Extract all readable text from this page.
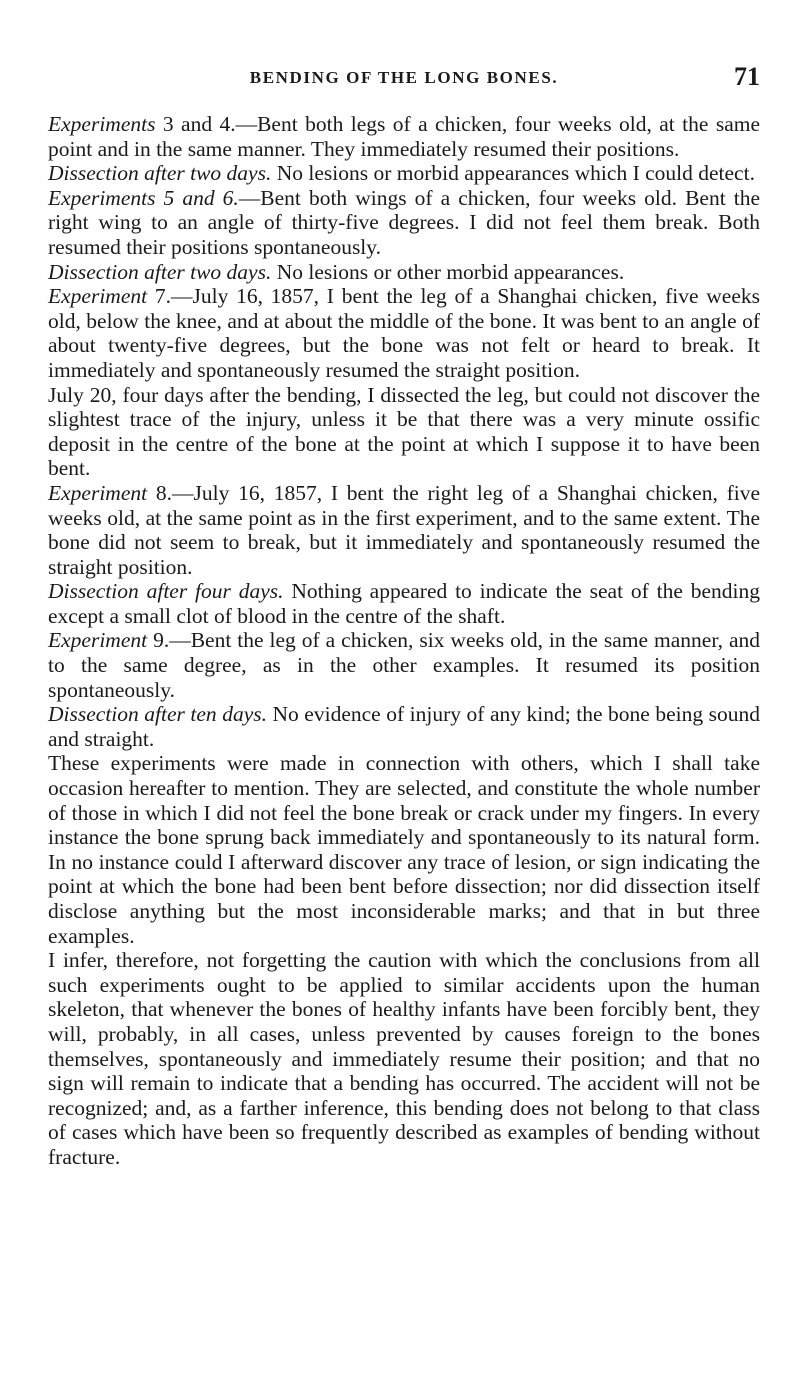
BENDING OF THE LONG BONES.	71

Experiments 3 and 4.—Bent both legs of a chicken, four weeks old, at the same point and in the same manner. They immediately resumed their positions.

Dissection after two days. No lesions or morbid appearances which I could detect.

Experiments 5 and 6.—Bent both wings of a chicken, four weeks old. Bent the right wing to an angle of thirty-five degrees. I did not feel them break. Both resumed their positions spontaneously.

Dissection after two days. No lesions or other morbid appearances.

Experiment 7.—July 16, 1857, I bent the leg of a Shanghai chicken, five weeks old, below the knee, and at about the middle of the bone. It was bent to an angle of about twenty-five degrees, but the bone was not felt or heard to break. It immediately and spontaneously resumed the straight position.

July 20, four days after the bending, I dissected the leg, but could not discover the slightest trace of the injury, unless it be that there was a very minute ossific deposit in the centre of the bone at the point at which I suppose it to have been bent.

Experiment 8.—July 16, 1857, I bent the right leg of a Shanghai chicken, five weeks old, at the same point as in the first experiment, and to the same extent. The bone did not seem to break, but it immediately and spontaneously resumed the straight position.

Dissection after four days. Nothing appeared to indicate the seat of the bending except a small clot of blood in the centre of the shaft.

Experiment 9.—Bent the leg of a chicken, six weeks old, in the same manner, and to the same degree, as in the other examples. It resumed its position spontaneously.

Dissection after ten days. No evidence of injury of any kind; the bone being sound and straight.

These experiments were made in connection with others, which I shall take occasion hereafter to mention. They are selected, and constitute the whole number of those in which I did not feel the bone break or crack under my fingers. In every instance the bone sprung back immediately and spontaneously to its natural form. In no instance could I afterward discover any trace of lesion, or sign indicating the point at which the bone had been bent before dissection; nor did dissection itself disclose anything but the most inconsiderable marks; and that in but three examples.

I infer, therefore, not forgetting the caution with which the conclusions from all such experiments ought to be applied to similar accidents upon the human skeleton, that whenever the bones of healthy infants have been forcibly bent, they will, probably, in all cases, unless prevented by causes foreign to the bones themselves, spontaneously and immediately resume their position; and that no sign will remain to indicate that a bending has occurred. The accident will not be recognized; and, as a farther inference, this bending does not belong to that class of cases which have been so frequently described as examples of bending without fracture.
